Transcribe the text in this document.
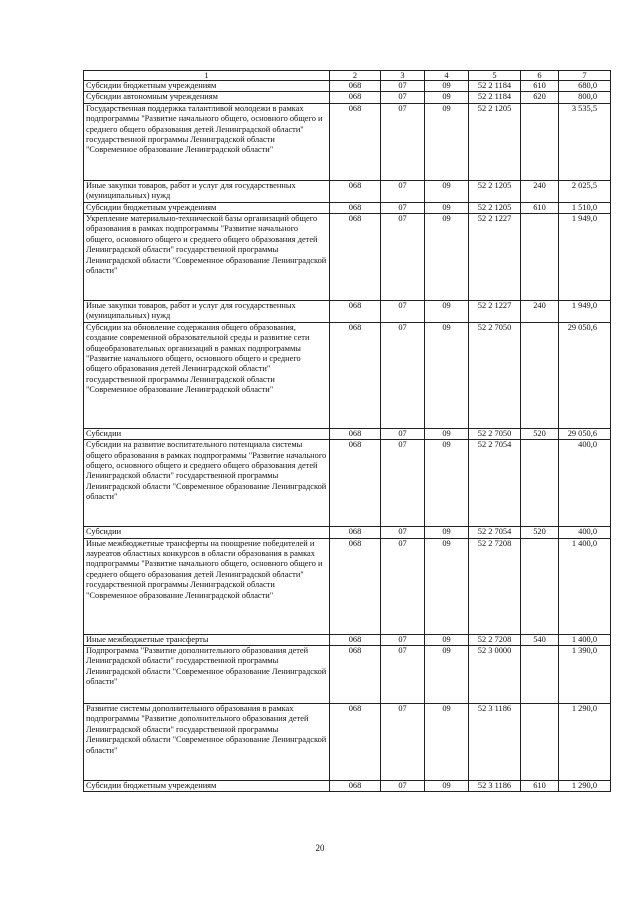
1	2	3	4	5	6	7
Субсидии бюджетным учреждениям	068	07	09	52 2 1184	610	680,0
Субсидии автономным учреждениям	068	07	09	52 2 1184	620	800,0
Государственная поддержка талантливой молодежи в рамках подпрограммы "Развитие начального общего, основного общего и среднего общего образования детей Ленинградской области" государственной программы Ленинградской области "Современное образование Ленинградской области"	068	07	09	52 2 1205		3 535,5
Иные закупки товаров, работ и услуг для государственных (муниципальных) нужд	068	07	09	52 2 1205	240	2 025,5
Субсидии бюджетным учреждениям	068	07	09	52 2 1205	610	1 510,0
Укрепление материально-технической базы организаций общего образования в рамках подпрограммы "Развитие начального общего, основного общего и среднего общего образования детей Ленинградской области" государственной программы Ленинградской области "Современное образование Ленинградской области"	068	07	09	52 2 1227		1 949,0
Иные закупки товаров, работ и услуг для государственных (муниципальных) нужд	068	07	09	52 2 1227	240	1 949,0
Субсидии на обновление содержания общего образования, создание современной образовательной среды и развитие сети общеобразовательных организаций в рамках подпрограммы "Развитие начального общего, основного общего и среднего общего образования детей Ленинградской области" государственной программы Ленинградской области "Современное образование Ленинградской области"	068	07	09	52 2 7050		29 050,6
Субсидии	068	07	09	52 2 7050	520	29 050,6
Субсидии на развитие воспитательного потенциала системы общего образования в рамках подпрограммы "Развитие начального общего, основного общего и среднего общего образования детей Ленинградской области" государственной программы Ленинградской области "Современное образование Ленинградской области"	068	07	09	52 2 7054		400,0
Субсидии	068	07	09	52 2 7054	520	400,0
Иные межбюджетные трансферты на поощрение победителей и лауреатов областных конкурсов в области образования в рамках подпрограммы "Развитие начального общего, основного общего и среднего общего образования детей Ленинградской области" государственной программы Ленинградской области "Современное образование Ленинградской области"	068	07	09	52 2 7208		1 400,0
Иные межбюджетные трансферты	068	07	09	52 2 7208	540	1 400,0
Подпрограмма "Развитие дополнительного образования детей Ленинградской области" государственной программы Ленинградской области "Современное образование Ленинградской области"	068	07	09	52 3 0000		1 390,0
Развитие системы дополнительного образования в рамках подпрограммы "Развитие дополнительного образования детей Ленинградской области" государственной программы Ленинградской области "Современное образование Ленинградской области"	068	07	09	52 3 1186		1 290,0
Субсидии бюджетным учреждениям	068	07	09	52 3 1186	610	1 290,0
20
